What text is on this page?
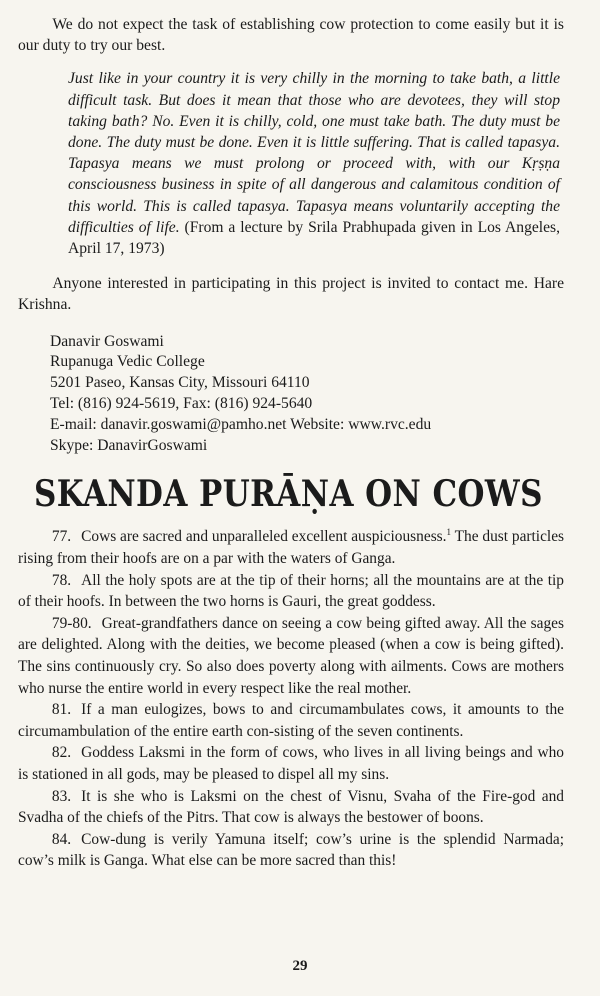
We do not expect the task of establishing cow protection to come easily but it is our duty to try our best.

Just like in your country it is very chilly in the morning to take bath, a little difficult task. But does it mean that those who are devotees, they will stop taking bath? No. Even it is chilly, cold, one must take bath. The duty must be done. The duty must be done. Even it is little suffering. That is called tapasya. Tapasya means we must prolong or proceed with, with our Kṛṣṇa consciousness business in spite of all dangerous and calamitous condition of this world. This is called tapasya. Tapasya means voluntarily accepting the difficulties of life. (From a lecture by Srila Prabhupada given in Los Angeles, April 17, 1973)

Anyone interested in participating in this project is invited to contact me. Hare Krishna.

Danavir Goswami
Rupanuga Vedic College
5201 Paseo, Kansas City, Missouri 64110
Tel: (816) 924-5619, Fax: (816) 924-5640
E-mail: danavir.goswami@pamho.net Website: www.rvc.edu
Skype: DanavirGoswami
SKANDA PURĀṆA ON COWS

77. Cows are sacred and unparalleled excellent auspiciousness.$^1$ The dust particles rising from their hoofs are on a par with the waters of Ganga.

78. All the holy spots are at the tip of their horns; all the mountains are at the tip of their hoofs. In between the two horns is Gauri, the great goddess.

79-80. Great-grandfathers dance on seeing a cow being gifted away. All the sages are delighted. Along with the deities, we become pleased (when a cow is being gifted). The sins continuously cry. So also does poverty along with ailments. Cows are mothers who nurse the entire world in every respect like the real mother.

81. If a man eulogizes, bows to and circumambulates cows, it amounts to the circumambulation of the entire earth con-sisting of the seven continents.

82. Goddess Laksmi in the form of cows, who lives in all living beings and who is stationed in all gods, may be pleased to dispel all my sins.

83. It is she who is Laksmi on the chest of Visnu, Svaha of the Fire-god and Svadha of the chiefs of the Pitrs. That cow is always the bestower of boons.

84. Cow-dung is verily Yamuna itself; cow’s urine is the splendid Narmada; cow’s milk is Ganga. What else can be more sacred than this!

29
